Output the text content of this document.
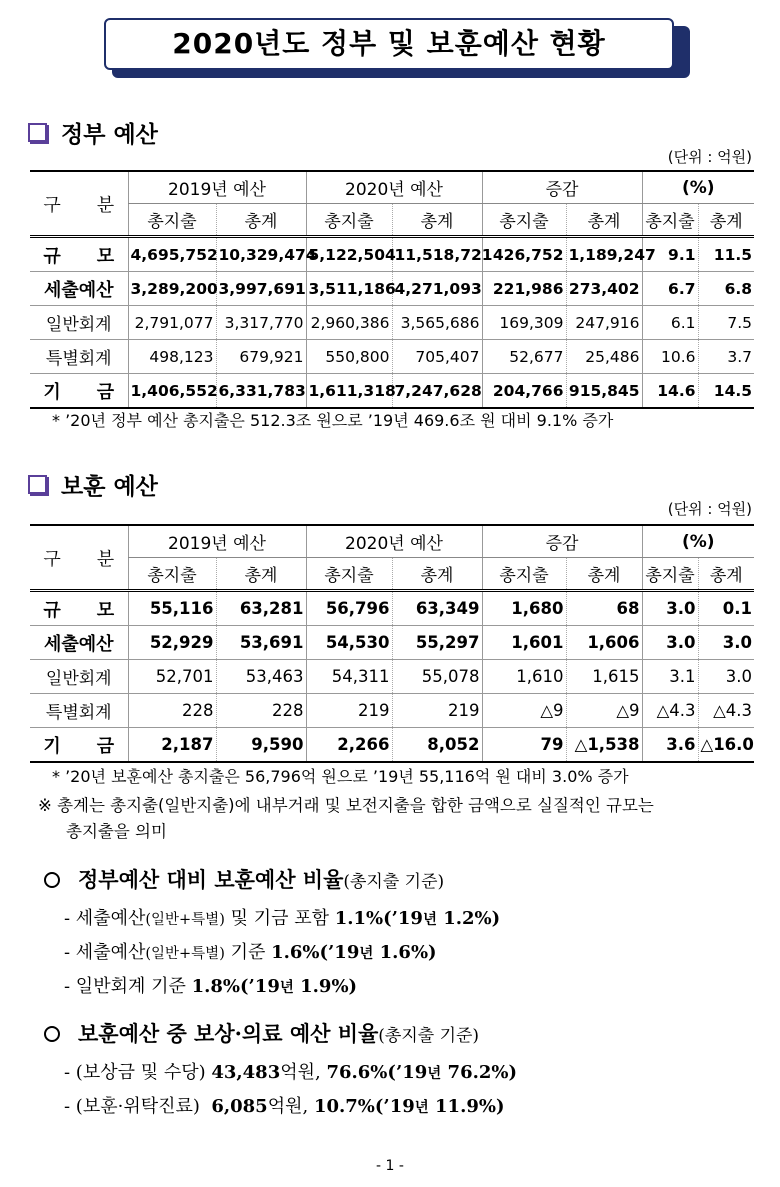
2020년도 정부 및 보훈예산 현황
정부 예산
(단위 : 억원)
구　　분	2019년 예산		2020년 예산		증감		(%)	
	총지출	총계	총지출	총계	총지출	총계	총지출	총계
규　　모	4,695,752	10,329,474	5,122,504	11,518,721	426,752	1,189,247	9.1	11.5
세출예산	3,289,200	3,997,691	3,511,186	4,271,093	221,986	273,402	6.7	6.8
일반회계	2,791,077	3,317,770	2,960,386	3,565,686	169,309	247,916	6.1	7.5
특별회계	498,123	679,921	550,800	705,407	52,677	25,486	10.6	3.7
기　　금	1,406,552	6,331,783	1,611,318	7,247,628	204,766	915,845	14.6	14.5
* ’20년 정부 예산 총지출은 512.3조 원으로 ’19년 469.6조 원 대비 9.1% 증가
보훈 예산
(단위 : 억원)
구　　분	2019년 예산		2020년 예산		증감		(%)	
	총지출	총계	총지출	총계	총지출	총계	총지출	총계
규　　모	55,116	63,281	56,796	63,349	1,680	68	3.0	0.1
세출예산	52,929	53,691	54,530	55,297	1,601	1,606	3.0	3.0
일반회계	52,701	53,463	54,311	55,078	1,610	1,615	3.1	3.0
특별회계	228	228	219	219	△9	△9	△4.3	△4.3
기　　금	2,187	9,590	2,266	8,052	79	△1,538	3.6	△16.0
* ’20년 보훈예산 총지출은 56,796억 원으로 ’19년 55,116억 원 대비 3.0% 증가
※ 총계는 총지출(일반지출)에 내부거래 및 보전지출을 합한 금액으로 실질적인 규모는
총지출을 의미
정부예산 대비 보훈예산 비율(총지출 기준)
- 세출예산(일반+특별) 및 기금 포함 1.1%(’19년 1.2%)
- 세출예산(일반+특별) 기준 1.6%(’19년 1.6%)
- 일반회계 기준 1.8%(’19년 1.9%)
보훈예산 중 보상·의료 예산 비율(총지출 기준)
- (보상금 및 수당) 43,483억원, 76.6%(’19년 76.2%)
- (보훈·위탁진료)  6,085억원, 10.7%(’19년 11.9%)
- 1 -
